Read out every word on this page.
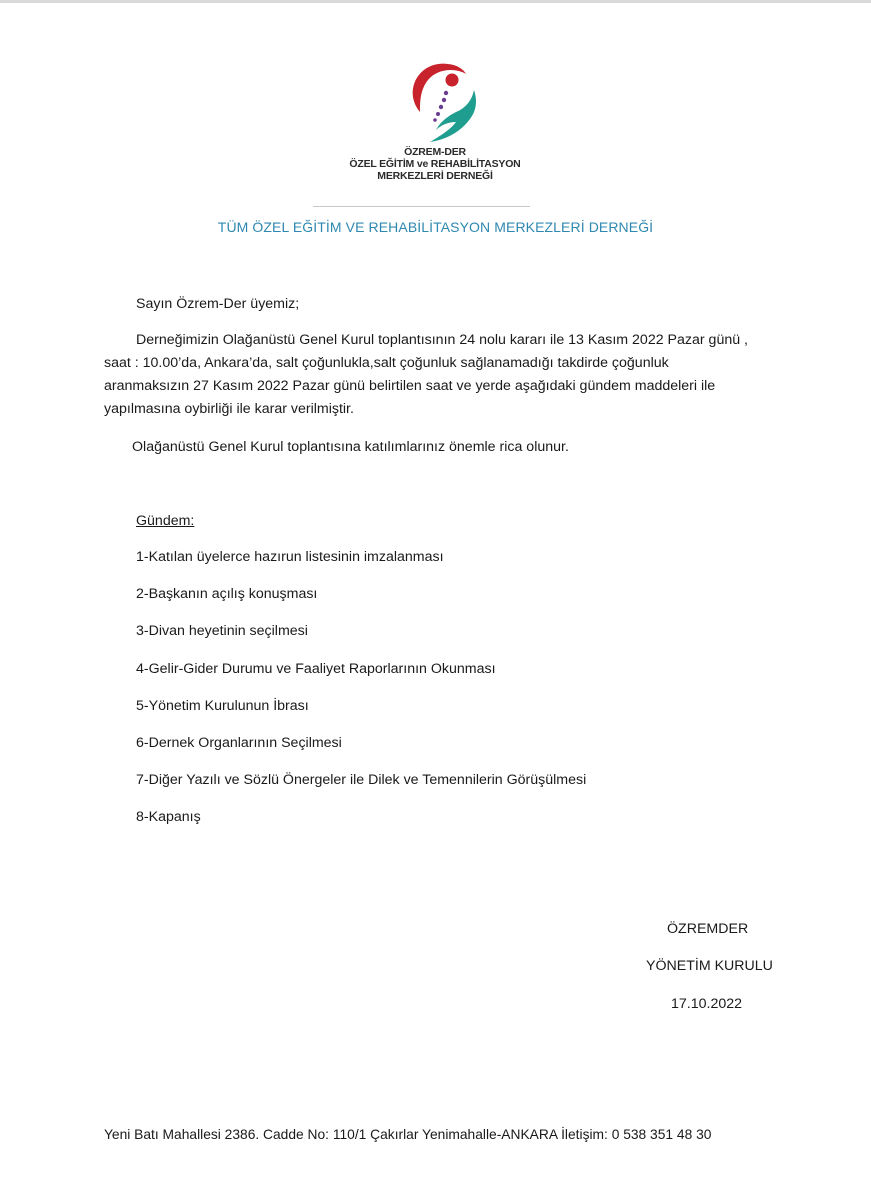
ÖZREM-DER
ÖZEL EĞİTİM ve REHABİLİTASYON
MERKEZLERİ DERNEĞİ
TÜM ÖZEL EĞİTİM VE REHABİLİTASYON MERKEZLERİ DERNEĞİ
Sayın Özrem-Der üyemiz;
Derneğimizin Olağanüstü Genel Kurul toplantısının 24 nolu kararı ile 13 Kasım 2022 Pazar günü ,
saat : 10.00’da, Ankara’da, salt çoğunlukla,salt çoğunluk sağlanamadığı takdirde çoğunluk
aranmaksızın 27 Kasım 2022 Pazar günü belirtilen saat ve yerde aşağıdaki gündem maddeleri ile
yapılmasına oybirliği ile karar verilmiştir.
Olağanüstü Genel Kurul toplantısına katılımlarınız önemle rica olunur.
Gündem:
1-Katılan üyelerce hazırun listesinin imzalanması
2-Başkanın açılış konuşması
3-Divan heyetinin seçilmesi
4-Gelir-Gider Durumu ve Faaliyet Raporlarının Okunması
5-Yönetim Kurulunun İbrası
6-Dernek Organlarının Seçilmesi
7-Diğer Yazılı ve Sözlü Önergeler ile Dilek ve Temennilerin Görüşülmesi
8-Kapanış
ÖZREMDER
YÖNETİM KURULU
17.10.2022
Yeni Batı Mahallesi 2386. Cadde No: 110/1 Çakırlar Yenimahalle-ANKARA İletişim: 0 538 351 48 30
